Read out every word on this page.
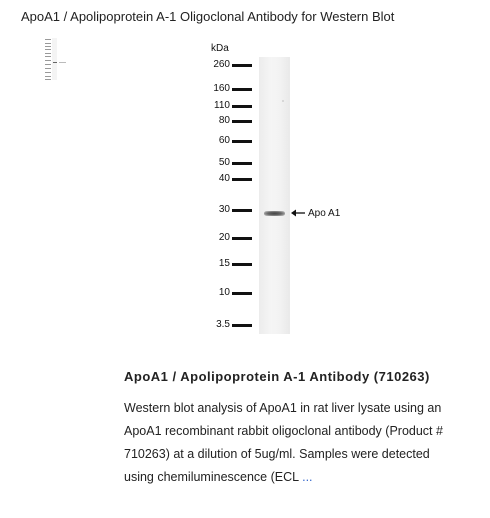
ApoA1 / Apolipoprotein A-1 Oligoclonal Antibody for Western Blot
kDa
260
160
110
80
60
50
40
30
20
15
10
3.5
Apo A1
ApoA1 / Apolipoprotein A-1 Antibody (710263)
Western blot analysis of ApoA1 in rat liver lysate using an
ApoA1 recombinant rabbit oligoclonal antibody (Product #
710263) at a dilution of 5ug/ml. Samples were detected
using chemiluminescence (ECL ...
